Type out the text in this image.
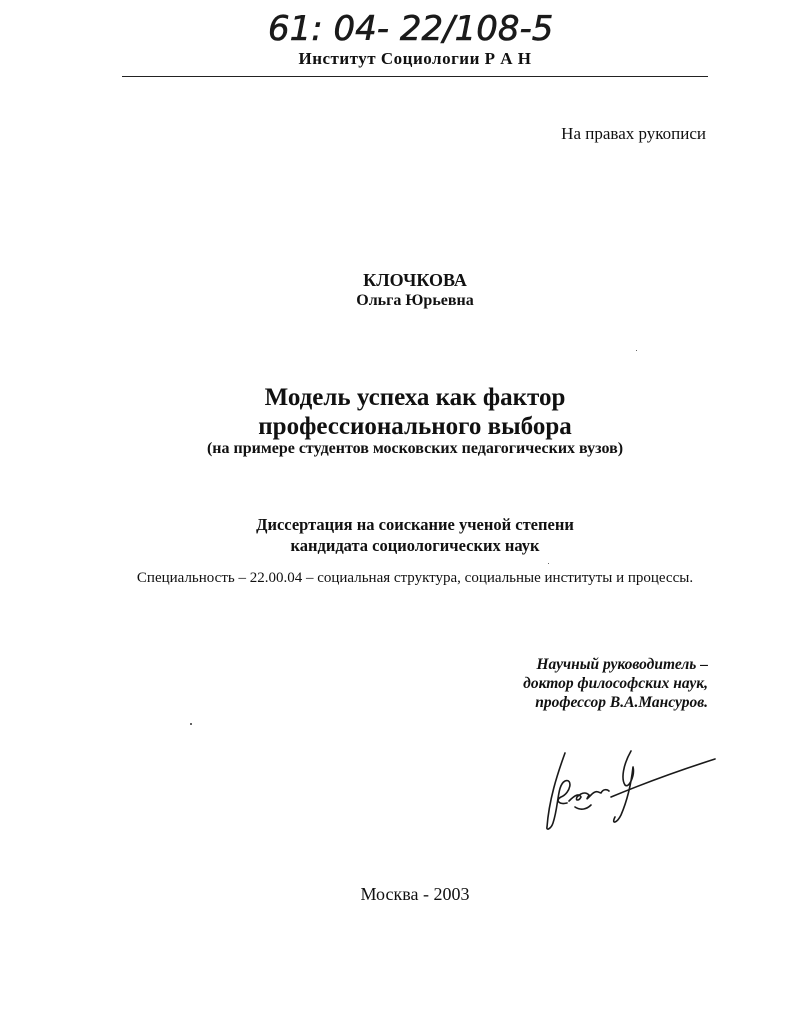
61: 04- 22/108-5
Институт Социологии Р А Н
На правах рукописи
КЛОЧКОВА
Ольга Юрьевна
Модель успеха как фактор
профессионального выбора
(на примере студентов московских педагогических вузов)
Диссертация на соискание ученой степени
кандидата социологических наук
Специальность – 22.00.04 – социальная структура, социальные институты и процессы.
Научный руководитель –
доктор философских наук,
профессор В.А.Мансуров.
Москва - 2003
